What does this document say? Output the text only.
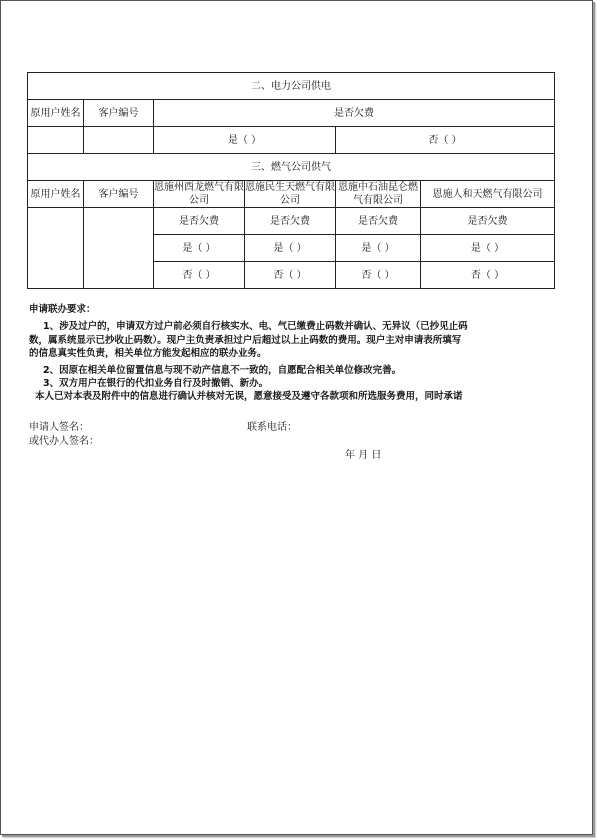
二、电力公司供电					
原用户姓名	客户编号	是否欠费			
		是（ ）		否（ ）	
三、燃气公司供气					
原用户姓名	客户编号	恩施州酉龙燃气有限公司	恩施民生天燃气有限公司	恩施中石油昆仑燃气有限公司	恩施人和天燃气有限公司
		是否欠费	是否欠费	是否欠费	是否欠费
		是（ ）	是（ ）	是（ ）	是（ ）
		否（ ）	否（ ）	否（ ）	否（ ）

申请联办要求：

1、涉及过户的，申请双方过户前必须自行核实水、电、气已缴费止码数并确认、无异议（已抄见止码

数，属系统显示已抄收止码数）。现户主负责承担过户后超过以上止码数的费用。现户主对申请表所填写

的信息真实性负责，相关单位方能发起相应的联办业务。

2、因原在相关单位留置信息与现不动产信息不一致的，自愿配合相关单位修改完善。

3、双方用户在银行的代扣业务自行及时撤销、新办。

本人已对本表及附件中的信息进行确认并核对无误，愿意接受及遵守各款项和所选服务费用，同时承诺

申请人签名：
或代办人签名：
联系电话：
年 月 日
